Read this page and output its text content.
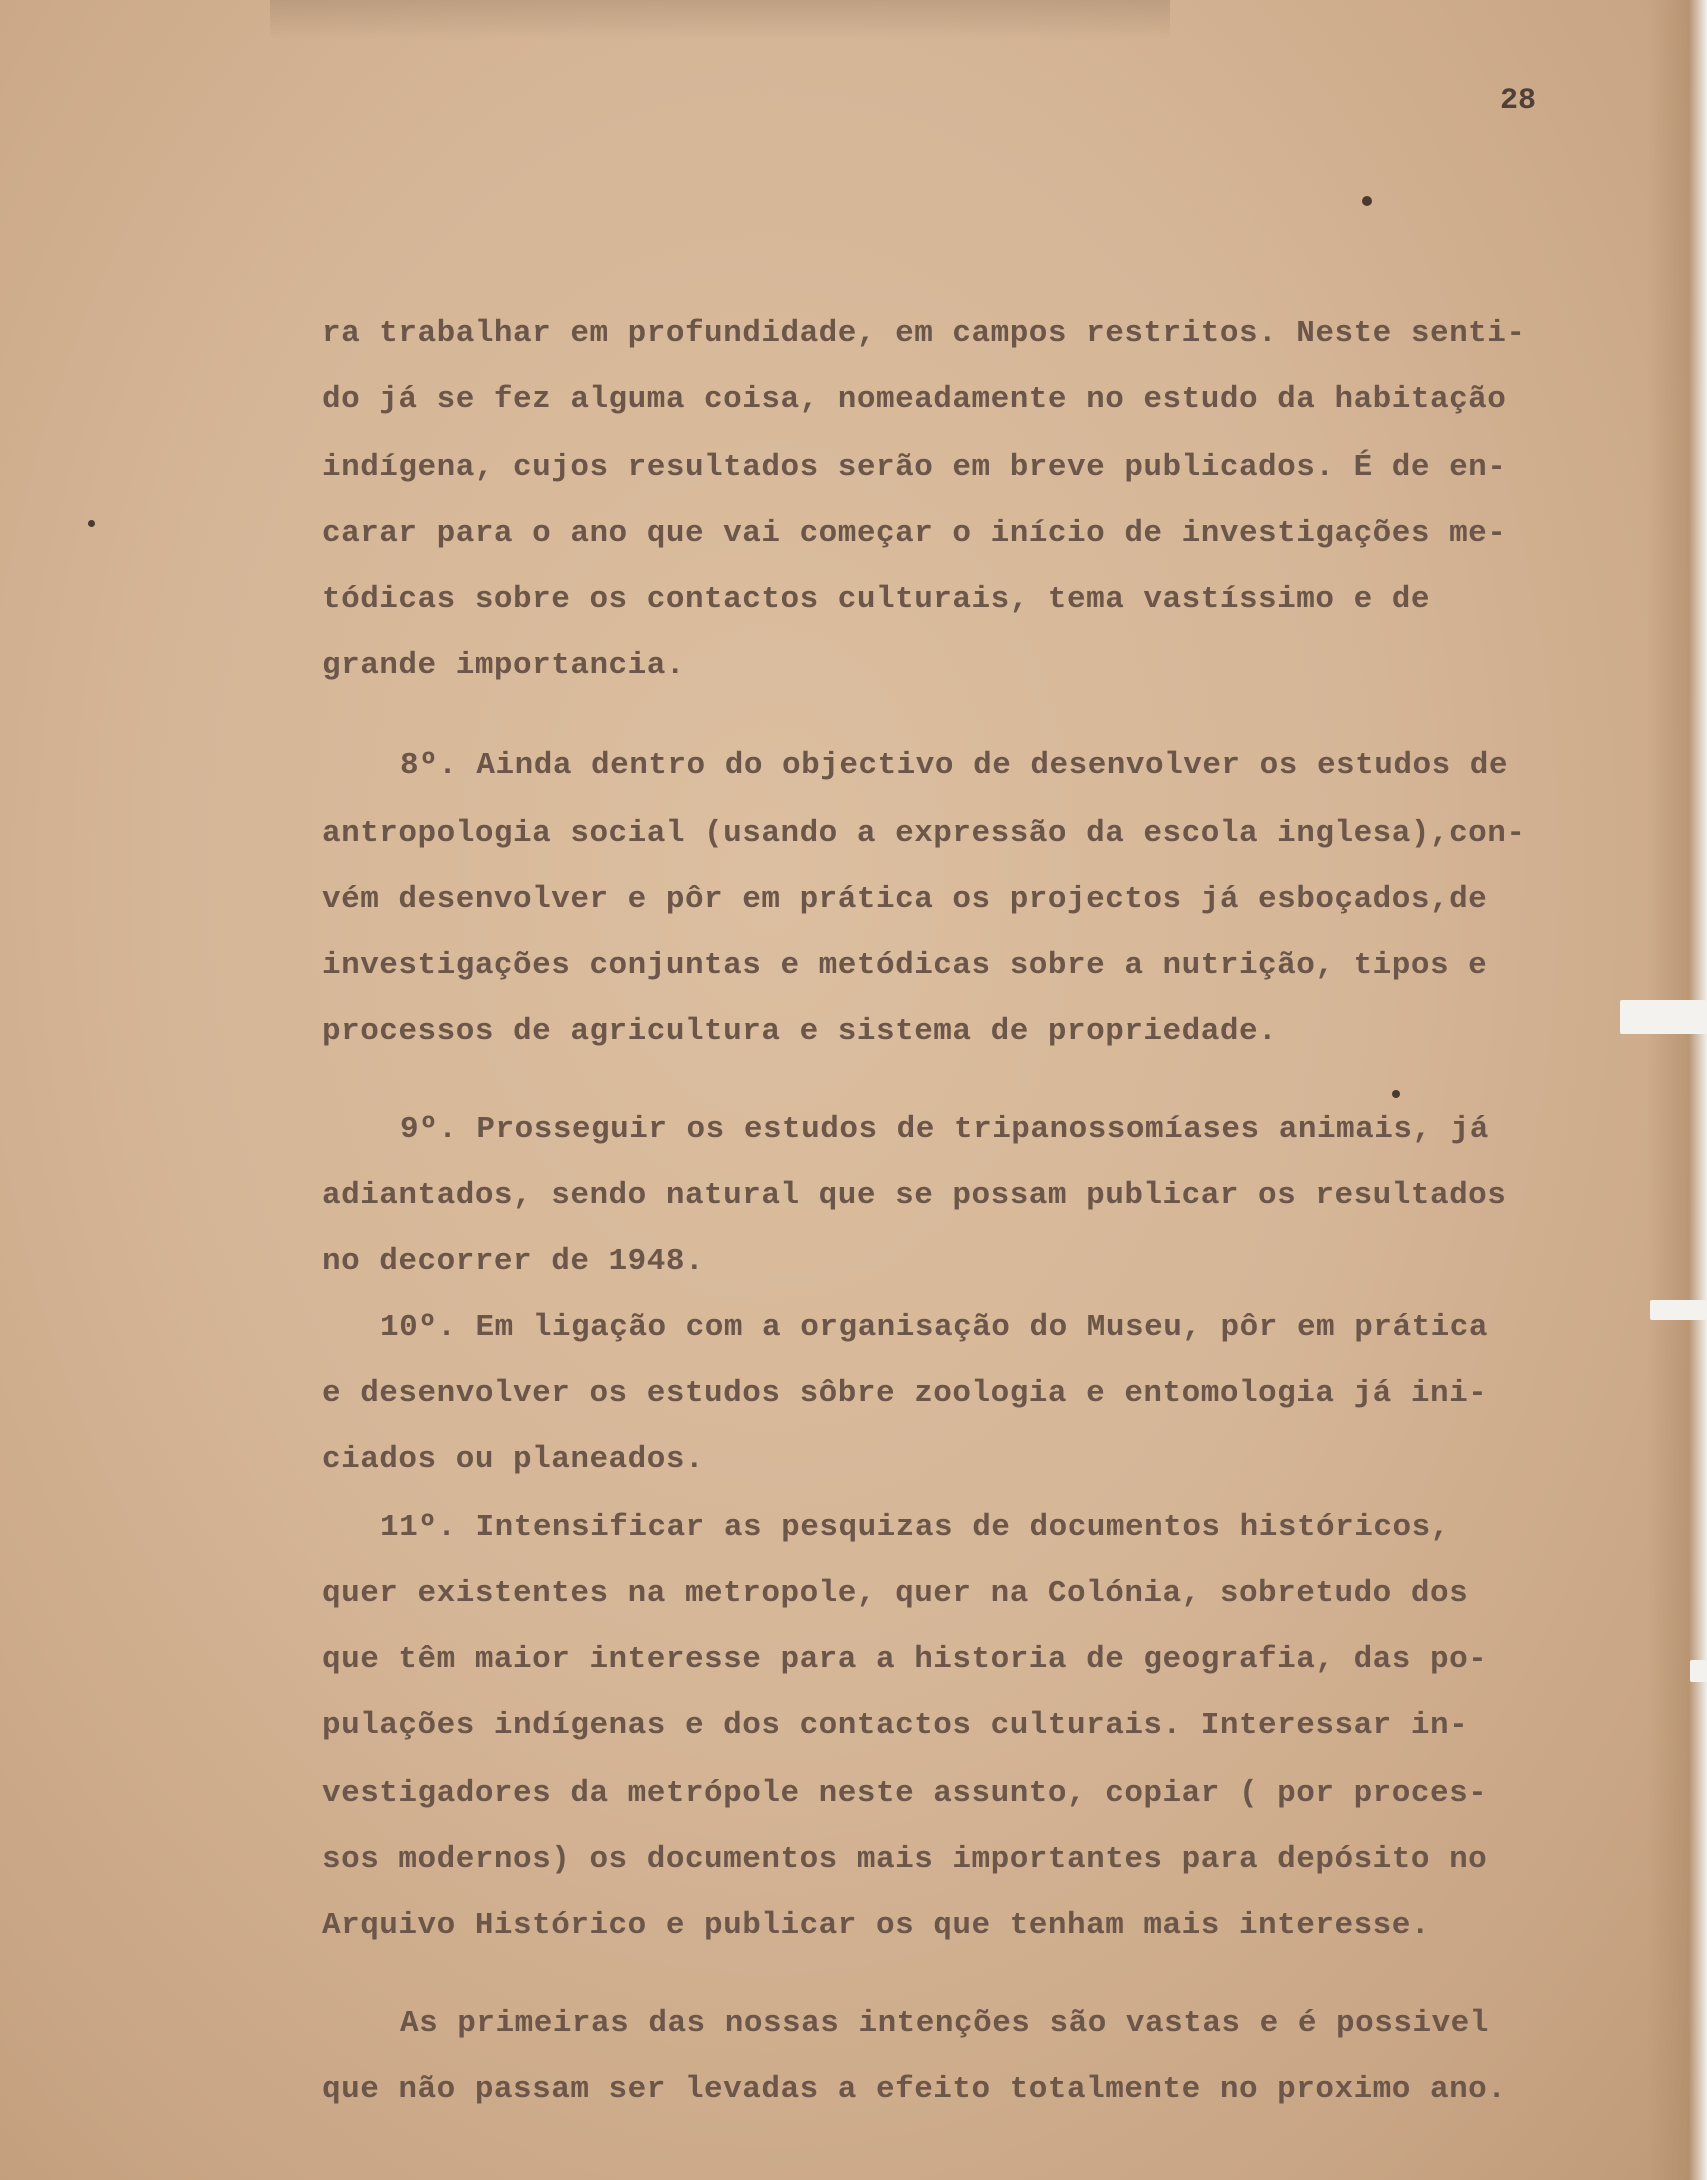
28
ra trabalhar em profundidade, em campos restritos. Neste senti-
do já se fez alguma coisa, nomeadamente no estudo da habitação
indígena, cujos resultados serão em breve publicados. É de en-
carar para o ano que vai começar o início de investigações me-
tódicas sobre os contactos culturais, tema vastíssimo e de
grande importancia.
8º. Ainda dentro do objectivo de desenvolver os estudos de
antropologia social (usando a expressão da escola inglesa),con-
vém desenvolver e pôr em prática os projectos já esboçados,de
investigações conjuntas e metódicas sobre a nutrição, tipos e
processos de agricultura e sistema de propriedade.
9º. Prosseguir os estudos de tripanossomíases animais, já
adiantados, sendo natural que se possam publicar os resultados
no decorrer de 1948.
10º. Em ligação com a organisação do Museu, pôr em prática
e desenvolver os estudos sôbre zoologia e entomologia já ini-
ciados ou planeados.
11º. Intensificar as pesquizas de documentos históricos,
quer existentes na metropole, quer na Colónia, sobretudo dos
que têm maior interesse para a historia de geografia, das po-
pulações indígenas e dos contactos culturais. Interessar in-
vestigadores da metrópole neste assunto, copiar ( por proces-
sos modernos) os documentos mais importantes para depósito no
Arquivo Histórico e publicar os que tenham mais interesse.
As primeiras das nossas intenções são vastas e é possivel
que não passam ser levadas a efeito totalmente no proximo ano.
